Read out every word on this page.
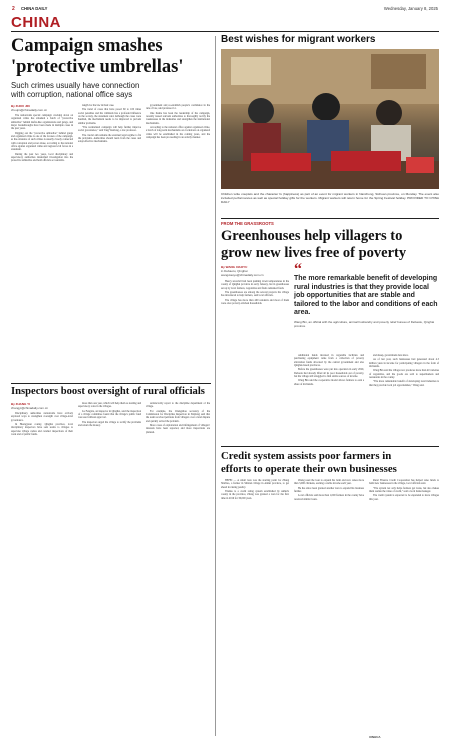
2 CHINA DAILY	Wednesday, January 8, 2025
CHINA
Campaign smashes
'protective umbrellas'
Such crimes usually have connection
with corruption, national office says
By ZHOU JIN
zhoujin@chinadaily.com.cn

The nationwide special campaign cracking down on organized crime has smashed a batch of "protective umbrellas" behind mafia-like organizations and gangs, and major breakthroughs have been made in multiple cases in the past years.

Digging out the "protective umbrellas" behind gangs and organized crime is one of the focuses of the campaign, as the existence of such crimes is usually closely connected with corruption and power abuse, according to the national office against organized crime and regional evil forces in a statement.

During the past two years, local disciplinary and supervisory authorities intensified investigation into the protective umbrellas and held officials accountable.

length for the law in their case.

The trend of cases that have posed 60 to 100 times social penalties and the criminals has a profound influence on the society, the statement said. Although the cases were handled, the mechanism needs to be improved to prevent similar problems.

"The normalized campaign will help further improve social governance," said Tang Weidong, a law professor.

The crucial aim remains the eventual legal regime to fix the problems. Authorities should learn from the cases and adopt effective mechanisms.

government and re-establish people's confidence in the rule of law, said professor Li.

One theme has been the leadership of the campaign, recently issued relevant authorities to thoroughly rectify the weaknesses in the industries and strengthen the institutional mechanisms.

According to the national office against organized crime, a batch of long-term mechanisms on crackdown on organized crime will be established in the coming years, and the campaign has been proceeding in an orderly manner.

Best wishes for migrant workers
Children write couplets and the character fu (happiness) as part of an event for migrant workers in Nanchong, Sichuan province, on Monday. The event also included performances as well as special holiday gifts for the workers. Migrant workers will return home for the Spring Festival holiday. PROVIDED TO CHINA DAILY
FROM THE GRASSROOTS
Greenhouses help villagers to
grow new lives free of poverty
By WANG XIAOYU
in Debaotu, Qinghai
wangxiaoyu@chinadaily.com.cn

Heavy snowfall had been pushing down temperatures in the county of Qinghai province in early January, but in greenhouses set up by local farmers, vegetables and fruits remained fresh.

The greenhouses are among the several projects the village has introduced to help farmers, said local officials.

The village has more than 400 residents and most of them were once poverty-stricken households.

“
The more remarkable benefit of developing rural industries is that they provide local job opportunities that are stable and tailored to the labor and conditions of each area.
Wang Bin, an official with the agriculture, animal husbandry and poverty relief bureau of Debaotu, Qinghai province

Additional funds invested in vegetable facilities and purchasing equipment came from a collection of poverty alleviation funds allocated by the central government and also Qinghai-based provinces.

Before the greenhouses were put into operation in early 2020, Debaotu had already lifted all its poor households out of poverty, but the village still struggled to find stable sources of income.

Wang Bin said the cooperative model allows farmers to earn a share of dividends.

and sheep, government data show.

As of last year, such businesses had generated about 4.5 million yuan in income for participating villagers in the form of dividends.

Wang Bin said the village now produces more than 40 varieties of vegetables, and the goods are sold to supermarkets and restaurants in the county.

"The more remarkable benefit of developing rural industries is that they provide local job opportunities," Wang said.

Inspectors boost oversight of rural officials
By ZHANG YI
zhangyi@chinadaily.com.cn

Disciplinary authorities nationwide have actively explored ways to strengthen oversight over village-level governance.

In Huangyuan county, Qinghai province, local disciplinary inspectors have sent teams to villages to supervise village cadres and conduct inspections of their work and of public funds.

more than one year, which will help them as leading and supervisory roles in the villages.

Lu Fengxia, an inspector in Qinghai, said the inspection of a village committee found that the village's public fund was used without approval.

The inspectors urged the village to rectify the problems and return the money.

satisfactorily report to the discipline department of the village.

For example, the Chengzhou secretary of the Commission for Discipline Inspection in Xinjiang said that the team received petitions from villagers over a land dispute and quickly solved the problem.

More cases of exploitation and infringement of villagers' interests have been reported, and more inspections are planned.

Credit system assists poor farmers in
efforts to operate their own businesses

HEFEI — A small loan was the starting point for Zhang Shichao, a farmer in Shixian village in Anhui province, to get ahead in raising poultry.

Thanks to a credit rating system established by Anhui's county in the province, Zhang was granted a loan for the first time in 2019 for 30,000 yuan.

Zhang used the loan to expand his farm and now raises more than 3,000 chickens, earning a stable income each year.

He has since been granted another loan to expand his business further.

Local officials said more than 1,000 farmers in the county have received similar loans.

Rural Finance Credit Cooperation has helped raise funds to build new businesses in the village, local officials said.

"The system not only helps farmers get loans, but also makes them realize the value of credit," said a local bank manager.

The credit system is expected to be expanded to more villages this year.

XINHUA
